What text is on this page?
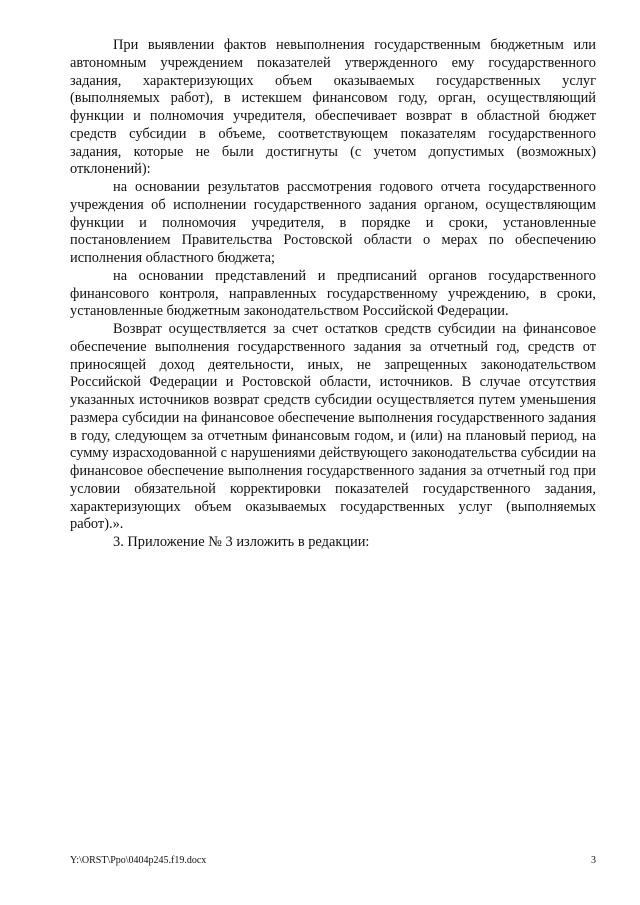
При выявлении фактов невыполнения государственным бюджетным или автономным учреждением показателей утвержденного ему государственного задания, характеризующих объем оказываемых государственных услуг (выполняемых работ), в истекшем финансовом году, орган, осуществляющий функции и полномочия учредителя, обеспечивает возврат в областной бюджет средств субсидии в объеме, соответствующем показателям государственного задания, которые не были достигнуты (с учетом допустимых (возможных) отклонений):

на основании результатов рассмотрения годового отчета государственного учреждения об исполнении государственного задания органом, осуществляющим функции и полномочия учредителя, в порядке и сроки, установленные постановлением Правительства Ростовской области о мерах по обеспечению исполнения областного бюджета;

на основании представлений и предписаний органов государственного финансового контроля, направленных государственному учреждению, в сроки, установленные бюджетным законодательством Российской Федерации.

Возврат осуществляется за счет остатков средств субсидии на финансовое обеспечение выполнения государственного задания за отчетный год, средств от приносящей доход деятельности, иных, не запрещенных законодательством Российской Федерации и Ростовской области, источников. В случае отсутствия указанных источников возврат средств субсидии осуществляется путем уменьшения размера субсидии на финансовое обеспечение выполнения государственного задания в году, следующем за отчетным финансовым годом, и (или) на плановый период, на сумму израсходованной с нарушениями действующего законодательства субсидии на финансовое обеспечение выполнения государственного задания за отчетный год при условии обязательной корректировки показателей государственного задания, характеризующих объем оказываемых государственных услуг (выполняемых работ).».

3. Приложение № 3 изложить в редакции:

Y:\ORST\Ppo\0404p245.f19.docx	3
